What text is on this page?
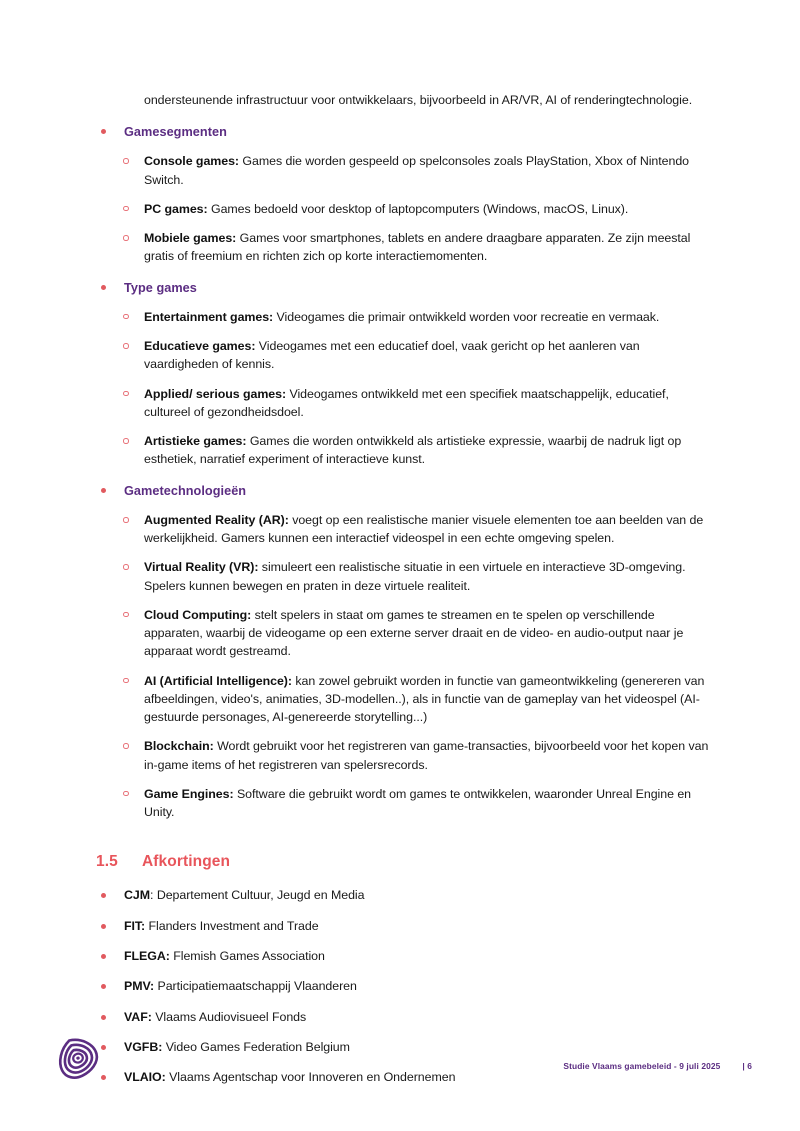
ondersteunende infrastructuur voor ontwikkelaars, bijvoorbeeld in AR/VR, AI of renderingtechnologie.

Gamesegmenten
Console games: Games die worden gespeeld op spelconsoles zoals PlayStation, Xbox of Nintendo Switch.
PC games: Games bedoeld voor desktop of laptopcomputers (Windows, macOS, Linux).
Mobiele games: Games voor smartphones, tablets en andere draagbare apparaten. Ze zijn meestal gratis of freemium en richten zich op korte interactiemomenten.
Type games
Entertainment games: Videogames die primair ontwikkeld worden voor recreatie en vermaak.
Educatieve games: Videogames met een educatief doel, vaak gericht op het aanleren van vaardigheden of kennis.
Applied/ serious games: Videogames ontwikkeld met een specifiek maatschappelijk, educatief, cultureel of gezondheidsdoel.
Artistieke games: Games die worden ontwikkeld als artistieke expressie, waarbij de nadruk ligt op esthetiek, narratief experiment of interactieve kunst.
Gametechnologieën
Augmented Reality (AR): voegt op een realistische manier visuele elementen toe aan beelden van de werkelijkheid. Gamers kunnen een interactief videospel in een echte omgeving spelen.
Virtual Reality (VR): simuleert een realistische situatie in een virtuele en interactieve 3D-omgeving. Spelers kunnen bewegen en praten in deze virtuele realiteit.
Cloud Computing: stelt spelers in staat om games te streamen en te spelen op verschillende apparaten, waarbij de videogame op een externe server draait en de video- en audio-output naar je apparaat wordt gestreamd.
AI (Artificial Intelligence): kan zowel gebruikt worden in functie van gameontwikkeling (genereren van afbeeldingen, video's, animaties, 3D-modellen..), als in functie van de gameplay van het videospel (AI-gestuurde personages, AI-genereerde storytelling...)
Blockchain: Wordt gebruikt voor het registreren van game-transacties, bijvoorbeeld voor het kopen van in-game items of het registreren van spelersrecords.
Game Engines: Software die gebruikt wordt om games te ontwikkelen, waaronder Unreal Engine en Unity.
1.5	Afkortingen
CJM: Departement Cultuur, Jeugd en Media
FIT: Flanders Investment and Trade
FLEGA: Flemish Games Association
PMV: Participatiemaatschappij Vlaanderen
VAF: Vlaams Audiovisueel Fonds
VGFB: Video Games Federation Belgium
VLAIO: Vlaams Agentschap voor Innoveren en Ondernemen
Studie Vlaams gamebeleid - 9 juli 2025	| 6
